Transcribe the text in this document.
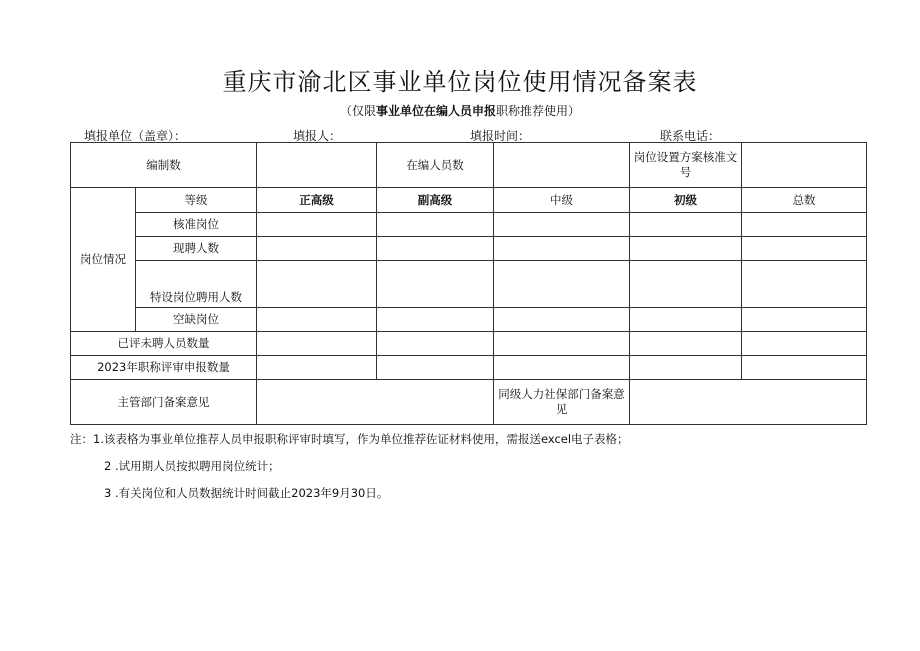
重庆市渝北区事业单位岗位使用情况备案表
（仅限事业单位在编人员申报职称推荐使用）
填报单位（盖章）：	填报人：	填报时间：	联系电话：
编制数			在编人员数		岗位设置方案核准文
号	
岗位情况	等级	正高级	副高级	中级	初级	总数
	核准岗位					
	现聘人数					
	特设岗位聘用人数					
	空缺岗位					
已评未聘人员数量						
2023年职称评审申报数量						
主管部门备案意见				同级人力社保部门备案意
见		
注：1.该表格为事业单位推荐人员申报职称评审时填写，作为单位推荐佐证材料使用，需报送excel电子表格；
2 .试用期人员按拟聘用岗位统计；
3 .有关岗位和人员数据统计时间截止2023年9月30日。
